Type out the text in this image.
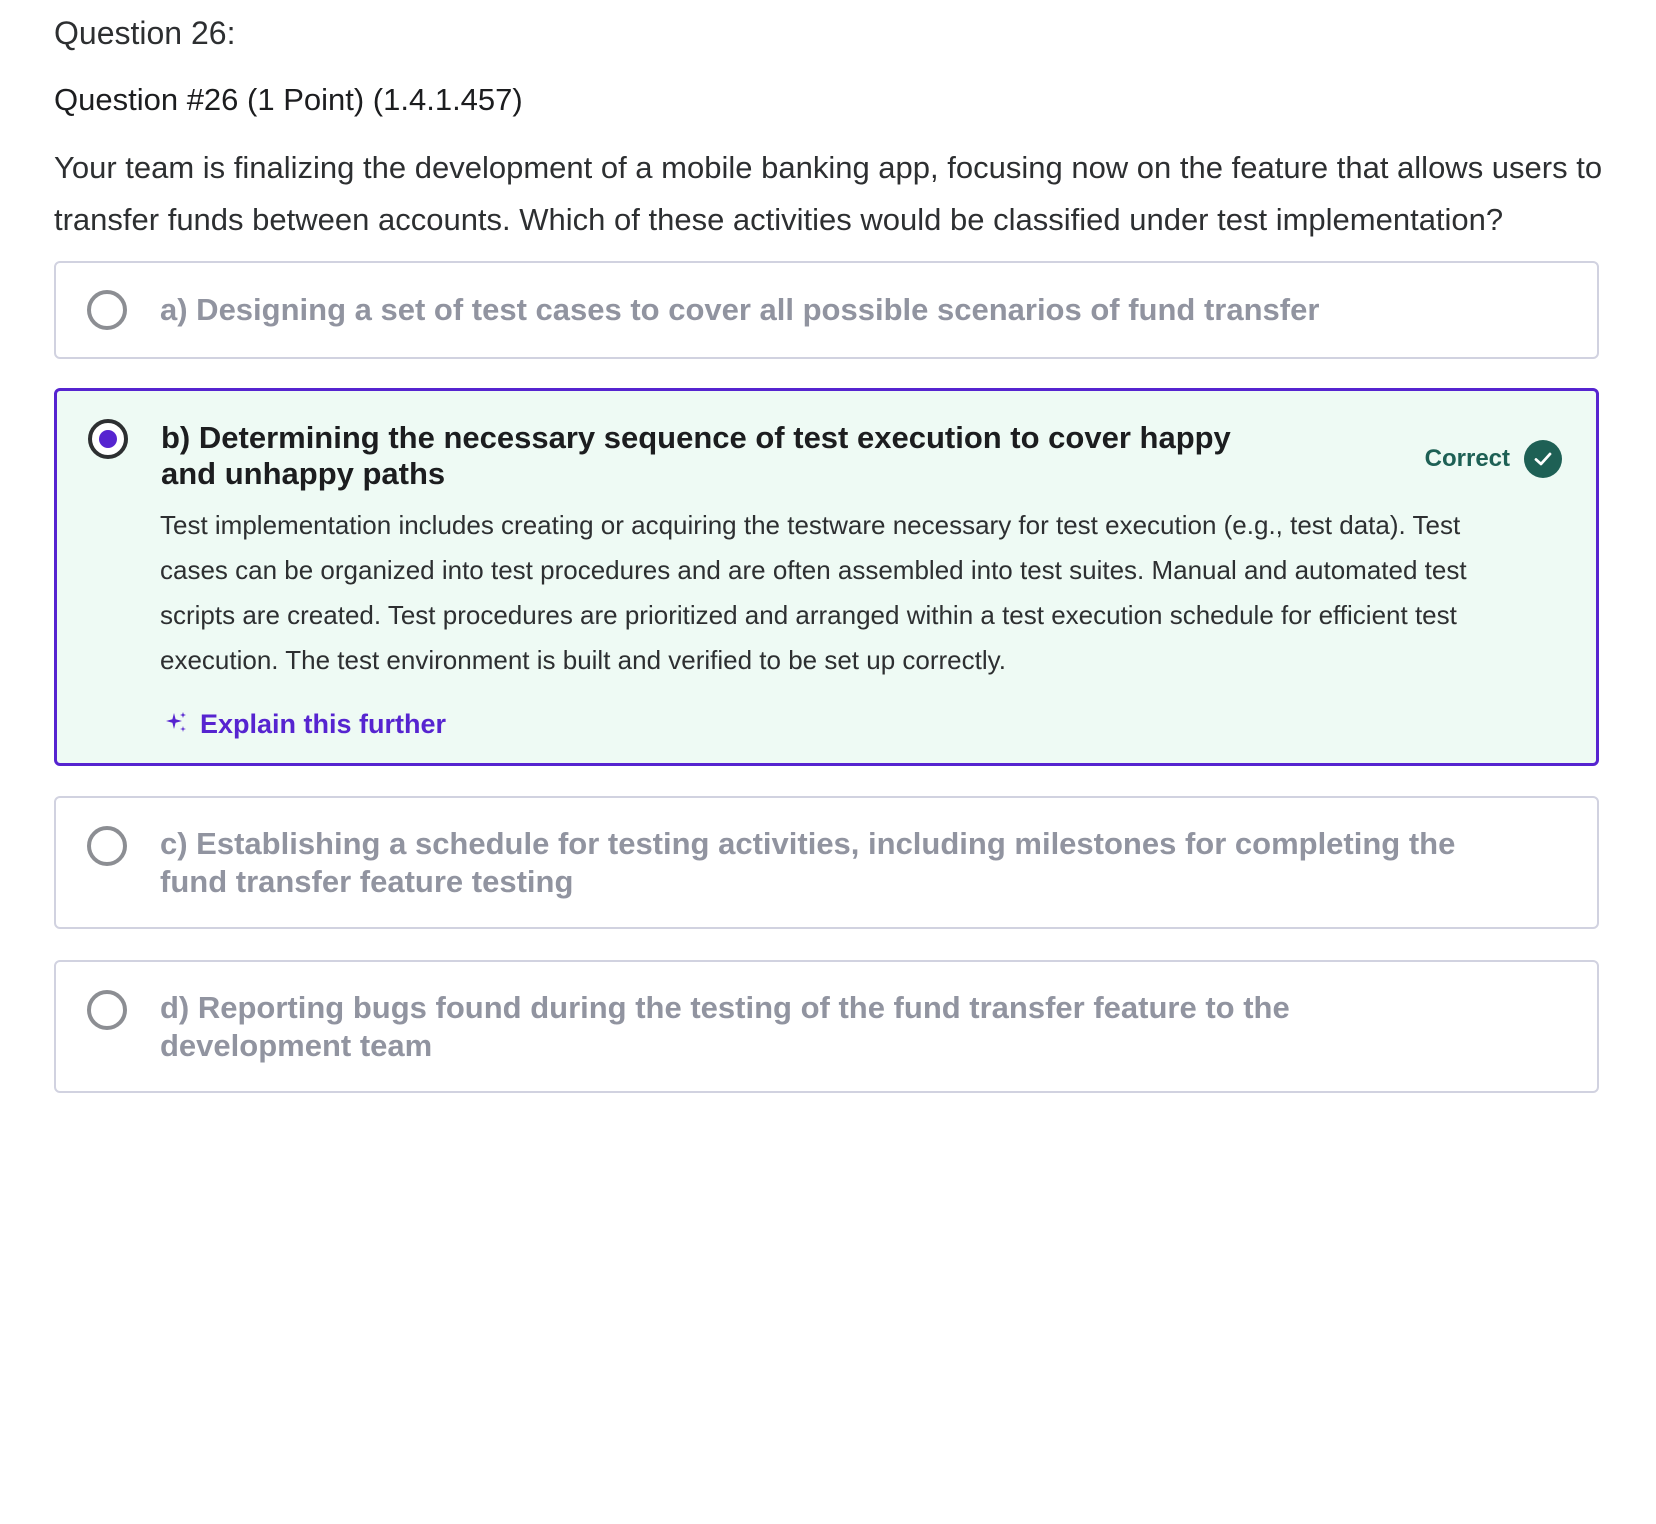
Question 26:
Question #26 (1 Point) (1.4.1.457)
Your team is finalizing the development of a mobile banking app, focusing now on the feature that allows users to transfer funds between accounts. Which of these activities would be classified under test implementation?
a) Designing a set of test cases to cover all possible scenarios of fund transfer
b) Determining the necessary sequence of test execution to cover happy and unhappy paths	Correct
Test implementation includes creating or acquiring the testware necessary for test execution (e.g., test data). Test cases can be organized into test procedures and are often assembled into test suites. Manual and automated test scripts are created. Test procedures are prioritized and arranged within a test execution schedule for efficient test execution. The test environment is built and verified to be set up correctly.
Explain this further
c) Establishing a schedule for testing activities, including milestones for completing the fund transfer feature testing
d) Reporting bugs found during the testing of the fund transfer feature to the development team
